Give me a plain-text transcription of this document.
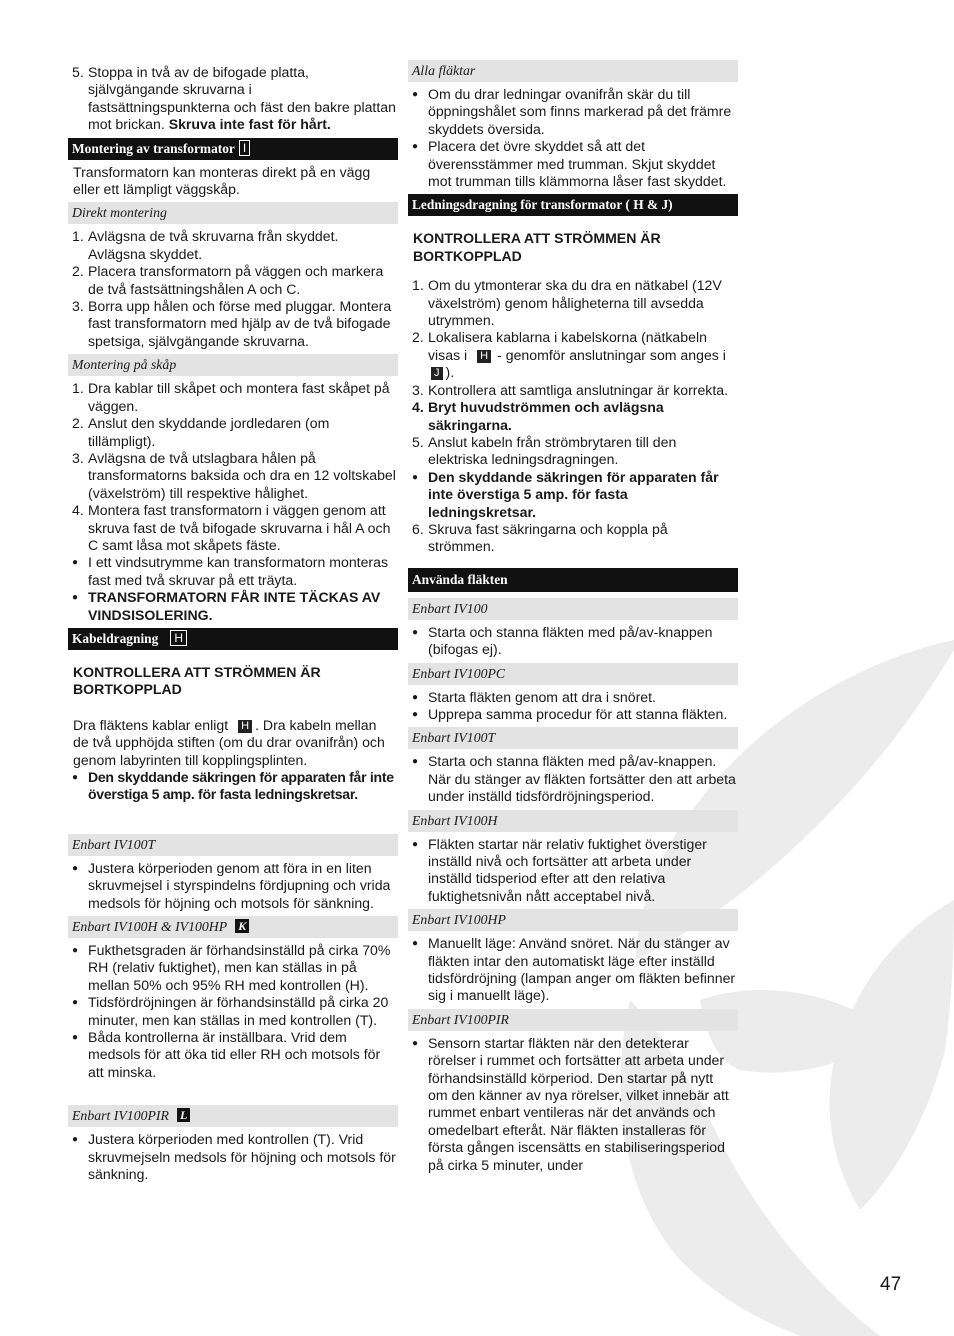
5. Stoppa in två av de bifogade platta, självgängande skruvarna i fastsättningspunkterna och fäst den bakre plattan mot brickan. Skruva inte fast för hårt.
Montering av transformator I

Transformatorn kan monteras direkt på en vägg eller ett lämpligt väggskåp.

Direkt montering
1. Avlägsna de två skruvarna från skyddet. Avlägsna skyddet.
2. Placera transformatorn på väggen och markera de två fastsättningshålen A och C.
3. Borra upp hålen och förse med pluggar. Montera fast transformatorn med hjälp av de två bifogade spetsiga, självgängande skruvarna.
Montering på skåp
1. Dra kablar till skåpet och montera fast skåpet på väggen.
2. Anslut den skyddande jordledaren (om tillämpligt).
3. Avlägsna de två utslagbara hålen på transformatorns baksida och dra en 12 voltskabel (växelström) till respektive hålighet.
4. Montera fast transformatorn i väggen genom att skruva fast de två bifogade skruvarna i hål A och C samt låsa mot skåpets fäste.
● I ett vindsutrymme kan transformatorn monteras fast med två skruvar på ett träyta.
● TRANSFORMATORN FÅR INTE TÄCKAS AV VINDSISOLERING.
Kabeldragning H

KONTROLLERA ATT STRÖMMEN ÄR BORTKOPPLAD

Dra fläktens kablar enligt H . Dra kabeln mellan de två upphöjda stiften (om du drar ovanifrån) och genom labyrinten till kopplingsplinten.

● Den skyddande säkringen för apparaten får inte överstiga 5 amp. för fasta ledningskretsar.
Enbart IV100T
● Justera körperioden genom att föra in en liten skruvmejsel i styrspindelns fördjupning och vrida medsols för höjning och motsols för sänkning.
Enbart IV100H & IV100HP K
● Fukthetsgraden är förhandsinställd på cirka 70% RH (relativ fuktighet), men kan ställas in på mellan 50% och 95% RH med kontrollen (H).
● Tidsfördröjningen är förhandsinställd på cirka 20 minuter, men kan ställas in med kontrollen (T).
● Båda kontrollerna är inställbara. Vrid dem medsols för att öka tid eller RH och motsols för att minska.
Enbart IV100PIR L
● Justera körperioden med kontrollen (T). Vrid skruvmejseln medsols för höjning och motsols för sänkning.
Alla fläktar
● Om du drar ledningar ovanifrån skär du till öppningshålet som finns markerad på det främre skyddets översida.
● Placera det övre skyddet så att det överensstämmer med trumman. Skjut skyddet mot trumman tills klämmorna låser fast skyddet.
Ledningsdragning för transformator ( H & J)

KONTROLLERA ATT STRÖMMEN ÄR BORTKOPPLAD

1. Om du ytmonterar ska du dra en nätkabel (12V växelström) genom håligheterna till avsedda utrymmen.
2. Lokalisera kablarna i kabelskorna (nätkabeln visas i H - genomför anslutningar som anges iJ ).
3. Kontrollera att samtliga anslutningar är korrekta.
4. Bryt huvudströmmen och avlägsna säkringarna.
5. Anslut kabeln från strömbrytaren till den elektriska ledningsdragningen.
● Den skyddande säkringen för apparaten får inte överstiga 5 amp. för fasta ledningskretsar.
6. Skruva fast säkringarna och koppla på strömmen.
Använda fläkten
Enbart IV100
● Starta och stanna fläkten med på/av-knappen (bifogas ej).
Enbart IV100PC
● Starta fläkten genom att dra i snöret.
● Upprepa samma procedur för att stanna fläkten.
Enbart IV100T
● Starta och stanna fläkten med på/av-knappen. När du stänger av fläkten fortsätter den att arbeta under inställd tidsfördröjningsperiod.
Enbart IV100H
● Fläkten startar när relativ fuktighet överstiger inställd nivå och fortsätter att arbeta under inställd tidsperiod efter att den relativa fuktighetsnivån nått acceptabel nivå.
Enbart IV100HP
● Manuellt läge: Använd snöret. När du stänger av fläkten intar den automatiskt läge efter inställd tidsfördröjning (lampan anger om fläkten befinner sig i manuellt läge).
Enbart IV100PIR
● Sensorn startar fläkten när den detekterar rörelser i rummet och fortsätter att arbeta under förhandsinställd körperiod. Den startar på nytt om den känner av nya rörelser, vilket innebär att rummet enbart ventileras när det används och omedelbart efteråt. När fläkten installeras för första gången iscensätts en stabiliseringsperiod på cirka 5 minuter, under
47
